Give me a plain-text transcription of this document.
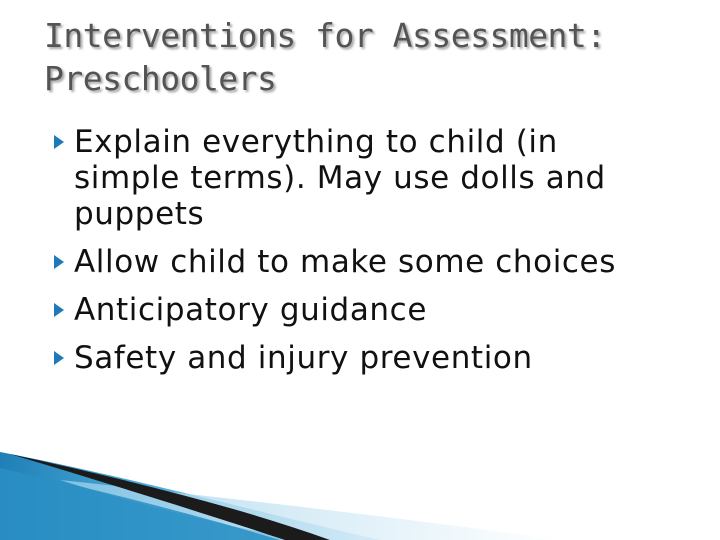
Interventions for Assessment:
Preschoolers
Explain everything to child (in
simple terms). May use dolls and
puppets
Allow child to make some choices
Anticipatory guidance
Safety and injury prevention
